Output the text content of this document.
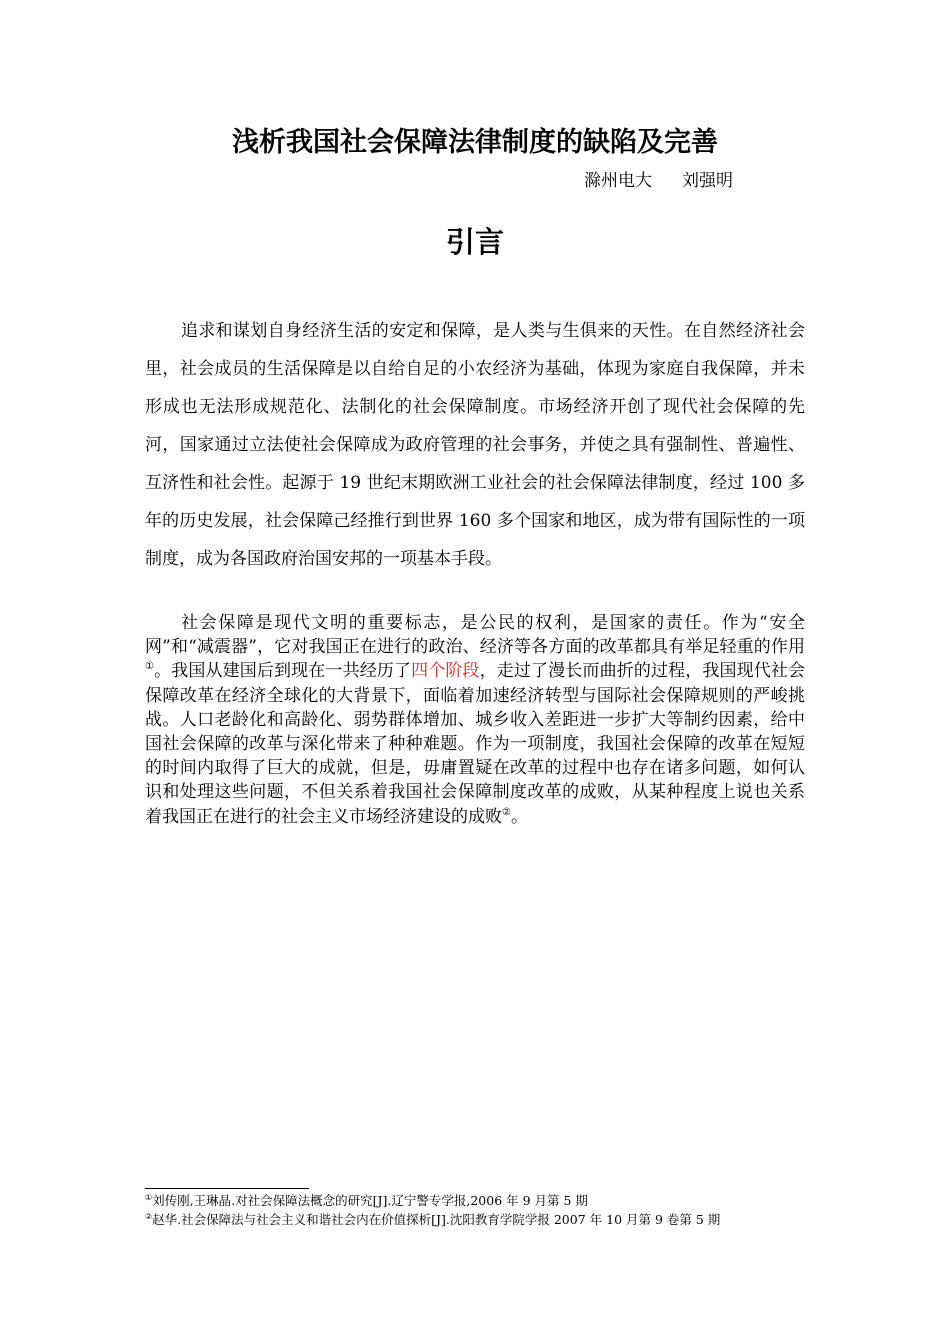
浅析我国社会保障法律制度的缺陷及完善
滁州电大 刘强明
引言

追求和谋划自身经济生活的安定和保障，是人类与生俱来的天性。在自然经济社会里，社会成员的生活保障是以自给自足的小农经济为基础，体现为家庭自我保障，并未形成也无法形成规范化、法制化的社会保障制度。市场经济开创了现代社会保障的先河，国家通过立法使社会保障成为政府管理的社会事务，并使之具有强制性、普遍性、互济性和社会性。起源于 19 世纪末期欧洲工业社会的社会保障法律制度，经过 100 多年的历史发展，社会保障己经推行到世界 160 多个国家和地区，成为带有国际性的一项制度，成为各国政府治国安邦的一项基本手段。

社会保障是现代文明的重要标志，是公民的权利，是国家的责任。作为“安全网”和“减震器”，它对我国正在进行的政治、经济等各方面的改革都具有举足轻重的作用①。我国从建国后到现在一共经历了四个阶段，走过了漫长而曲折的过程，我国现代社会保障改革在经济全球化的大背景下，面临着加速经济转型与国际社会保障规则的严峻挑战。人口老龄化和高龄化、弱势群体增加、城乡收入差距进一步扩大等制约因素，给中国社会保障的改革与深化带来了种种难题。作为一项制度，我国社会保障的改革在短短的时间内取得了巨大的成就，但是，毋庸置疑在改革的过程中也存在诸多问题，如何认识和处理这些问题，不但关系着我国社会保障制度改革的成败，从某种程度上说也关系着我国正在进行的社会主义市场经济建设的成败②。

①刘传刚,王琳晶.对社会保障法概念的研究[J].辽宁警专学报,2006 年 9 月第 5 期

②赵华.社会保障法与社会主义和谐社会内在价值探析[J].沈阳教育学院学报 2007 年 10 月第 9 卷第 5 期
